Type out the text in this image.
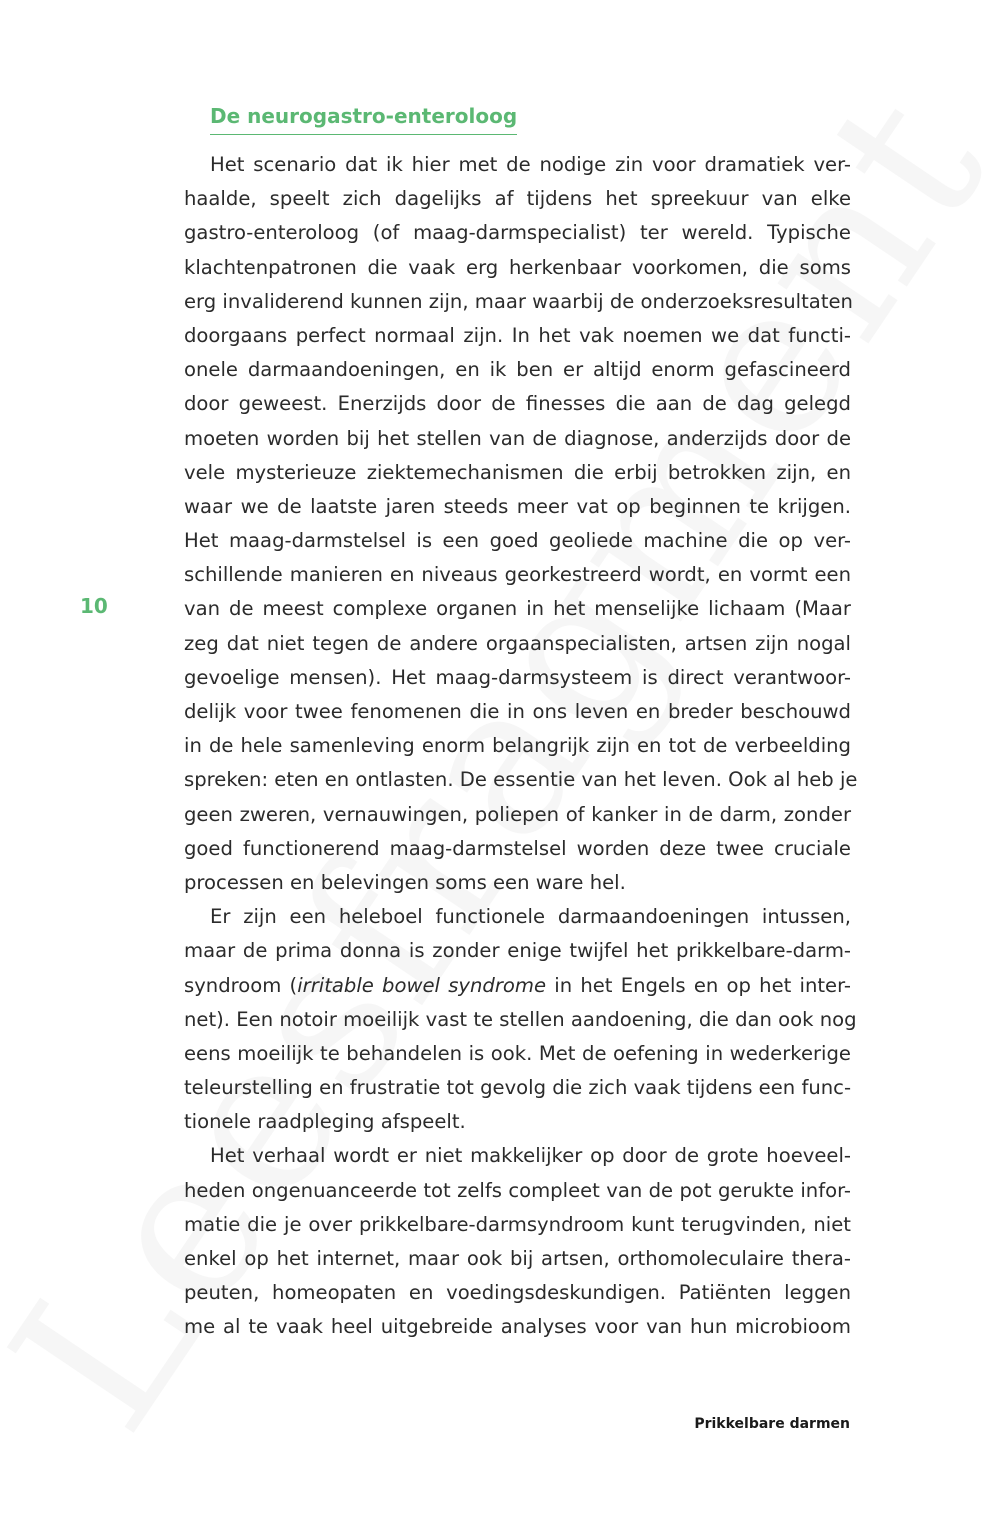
De neurogastro-enteroloog
10
Het scenario dat ik hier met de nodige zin voor dramatiek ver-
haalde, speelt zich dagelijks af tijdens het spreekuur van elke
gastro-enteroloog (of maag-darmspecialist) ter wereld. Typische
klachtenpatronen die vaak erg herkenbaar voorkomen, die soms
erg invaliderend kunnen zijn, maar waarbij de onderzoeksresultaten
doorgaans perfect normaal zijn. In het vak noemen we dat functi-
onele darmaandoeningen, en ik ben er altijd enorm gefascineerd
door geweest. Enerzijds door de finesses die aan de dag gelegd
moeten worden bij het stellen van de diagnose, anderzijds door de
vele mysterieuze ziektemechanismen die erbij betrokken zijn, en
waar we de laatste jaren steeds meer vat op beginnen te krijgen.
Het maag-darmstelsel is een goed geoliede machine die op ver-
schillende manieren en niveaus georkestreerd wordt, en vormt een
van de meest complexe organen in het menselijke lichaam (Maar
zeg dat niet tegen de andere orgaanspecialisten, artsen zijn nogal
gevoelige mensen). Het maag-darmsysteem is direct verantwoor-
delijk voor twee fenomenen die in ons leven en breder beschouwd
in de hele samenleving enorm belangrijk zijn en tot de verbeelding
spreken: eten en ontlasten. De essentie van het leven. Ook al heb je
geen zweren, vernauwingen, poliepen of kanker in de darm, zonder
goed functionerend maag-darmstelsel worden deze twee cruciale
processen en belevingen soms een ware hel.
Er zijn een heleboel functionele darmaandoeningen intussen,
maar de prima donna is zonder enige twijfel het prikkelbare-darm-
syndroom (irritable bowel syndrome in het Engels en op het inter-
net). Een notoir moeilijk vast te stellen aandoening, die dan ook nog
eens moeilijk te behandelen is ook. Met de oefening in wederkerige
teleurstelling en frustratie tot gevolg die zich vaak tijdens een func-
tionele raadpleging afspeelt.
Het verhaal wordt er niet makkelijker op door de grote hoeveel-
heden ongenuanceerde tot zelfs compleet van de pot gerukte infor-
matie die je over prikkelbare-darmsyndroom kunt terugvinden, niet
enkel op het internet, maar ook bij artsen, orthomoleculaire thera-
peuten, homeopaten en voedingsdeskundigen. Patiënten leggen
me al te vaak heel uitgebreide analyses voor van hun microbioom
Prikkelbare darmen
